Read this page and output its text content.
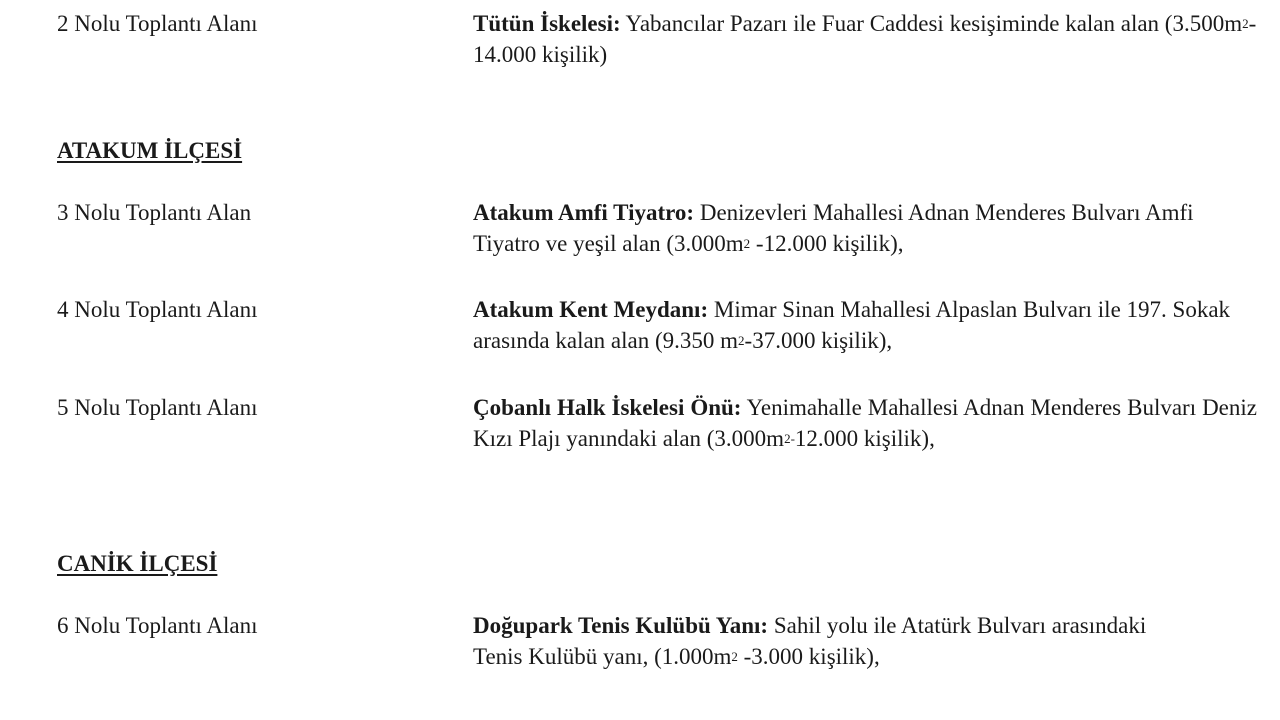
2 Nolu Toplantı Alanı	Tütün İskelesi: Yabancılar Pazarı ile Fuar Caddesi kesişiminde kalan alan ($3.500m^2-14.000$ kişilik)
ATAKUM İLÇESİ
3 Nolu Toplantı Alan	Atakum Amfi Tiyatro: Denizevleri Mahallesi Adnan Menderes Bulvarı Amfi Tiyatro ve yeşil alan ($3.000m^2$ -12.000 kişilik),
4 Nolu Toplantı Alanı	Atakum Kent Meydanı: Mimar Sinan Mahallesi Alpaslan Bulvarı ile 197. Sokak arasında kalan alan (9.350 $m^2-37.000$ kişilik),
5 Nolu Toplantı Alanı	Çobanlı Halk İskelesi Önü: Yenimahalle Mahallesi Adnan Menderes Bulvarı Deniz Kızı Plajı yanındaki alan ($3.000m^{2-}12.000$ kişilik),
CANİK İLÇESİ
6 Nolu Toplantı Alanı	Doğupark Tenis Kulübü Yanı: Sahil yolu ile Atatürk Bulvarı arasındaki Tenis Kulübü yanı, ($1.000m^2$ -3.000 kişilik),
